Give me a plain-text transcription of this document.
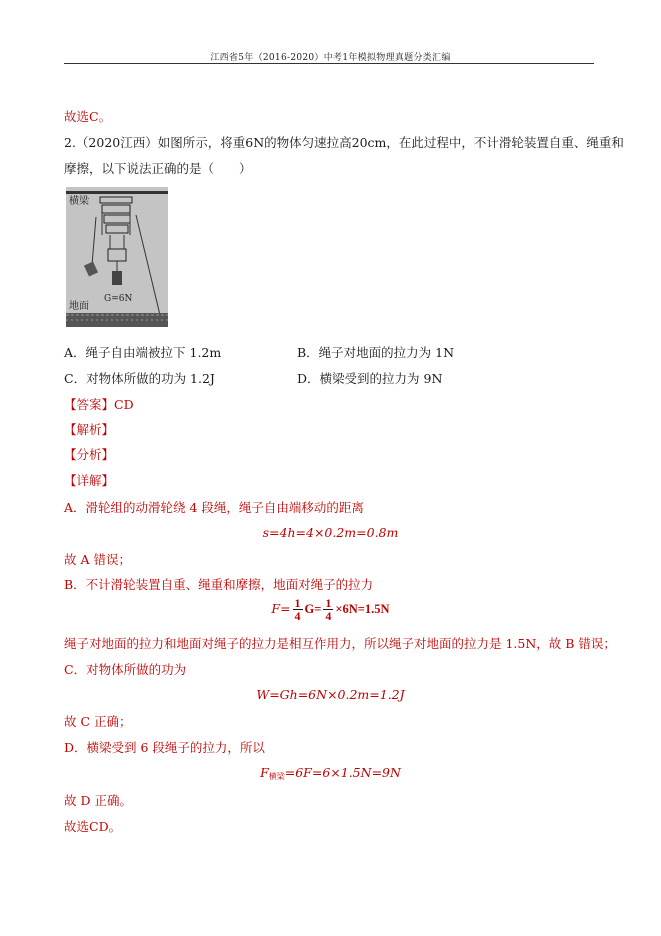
江西省5年（2016-2020）中考1年模拟物理真题分类汇编
故选C。
2.（2020江西）如图所示，将重6N的物体匀速拉高20cm，在此过程中，不计滑轮装置自重、绳重和
摩擦，以下说法正确的是（　　）
横梁
地面
G=6N
A．绳子自由端被拉下 1.2m	B．绳子对地面的拉力为 1N
C．对物体所做的功为 1.2J	D．横梁受到的拉力为 9N
【答案】CD
【解析】
【分析】
【详解】
A．滑轮组的动滑轮绕 4 段绳，绳子自由端移动的距离
s=4h=4×0.2m=0.8m
故 A 错误；
B．不计滑轮装置自重、绳重和摩擦，地面对绳子的拉力
$F= \frac{1}{4} G= \frac{1}{4} \times 6N=1.5N$
绳子对地面的拉力和地面对绳子的拉力是相互作用力，所以绳子对地面的拉力是 1.5N，故 B 错误；
C．对物体所做的功为
W=Gh=6N×0.2m=1.2J
故 C 正确；
D．横梁受到 6 段绳子的拉力，所以
$F_{横梁}=6F=6\times 1.5N=9N$
故 D 正确。
故选CD。
